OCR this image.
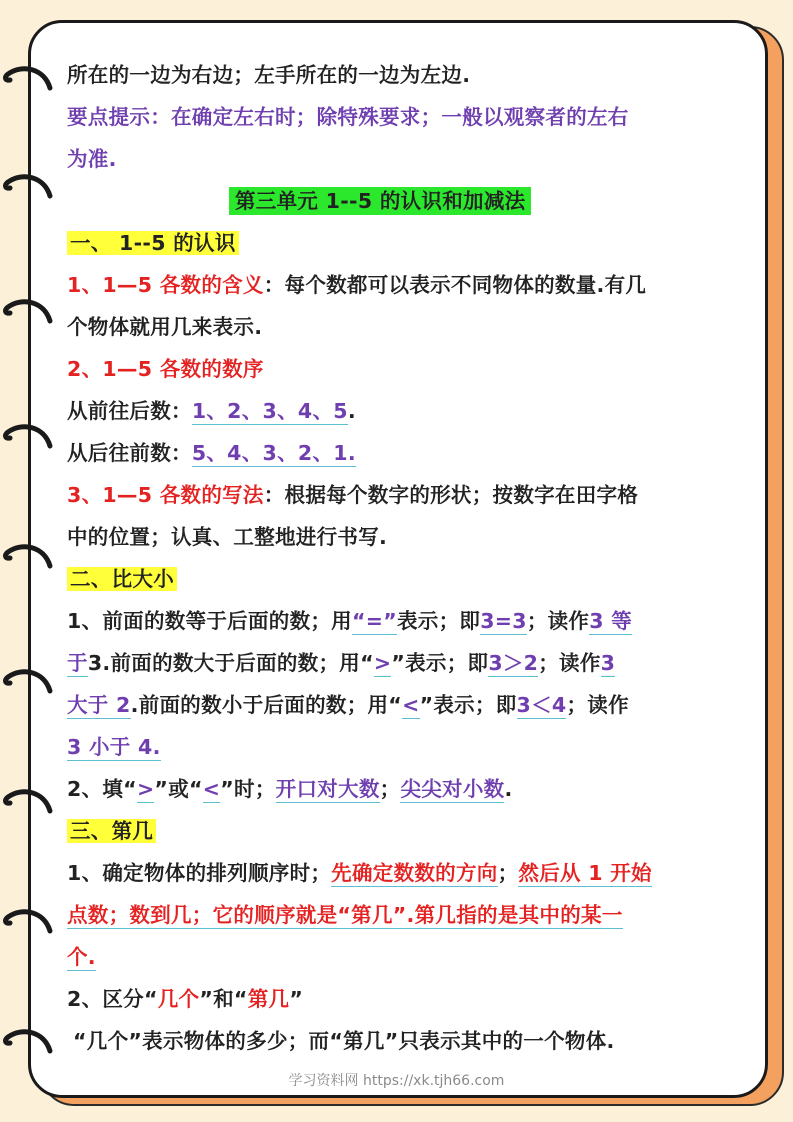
所在的一边为右边；左手所在的一边为左边.
要点提示：在确定左右时；除特殊要求；一般以观察者的左右
为准.
第三单元 1--5 的认识和加减法
一、 1--5 的认识
1、1—5 各数的含义：每个数都可以表示不同物体的数量.有几
个物体就用几来表示.
2、1—5 各数的数序
从前往后数：1、2、3、4、5.
从后往前数：5、4、3、2、1.
3、1—5 各数的写法：根据每个数字的形状；按数字在田字格
中的位置；认真、工整地进行书写.
二、比大小
1、前面的数等于后面的数；用“=”表示；即3=3；读作3 等
于3.前面的数大于后面的数；用“>”表示；即3＞2；读作3
大于 2.前面的数小于后面的数；用“<”表示；即3＜4；读作
3 小于 4.
2、填“>”或“<”时；开口对大数；尖尖对小数.
三、第几
1、确定物体的排列顺序时；先确定数数的方向；然后从 1 开始
点数；数到几；它的顺序就是“第几”.第几指的是其中的某一
个.
2、区分“几个”和“第几”
“几个”表示物体的多少；而“第几”只表示其中的一个物体.
学习资料网 https://xk.tjh66.com
